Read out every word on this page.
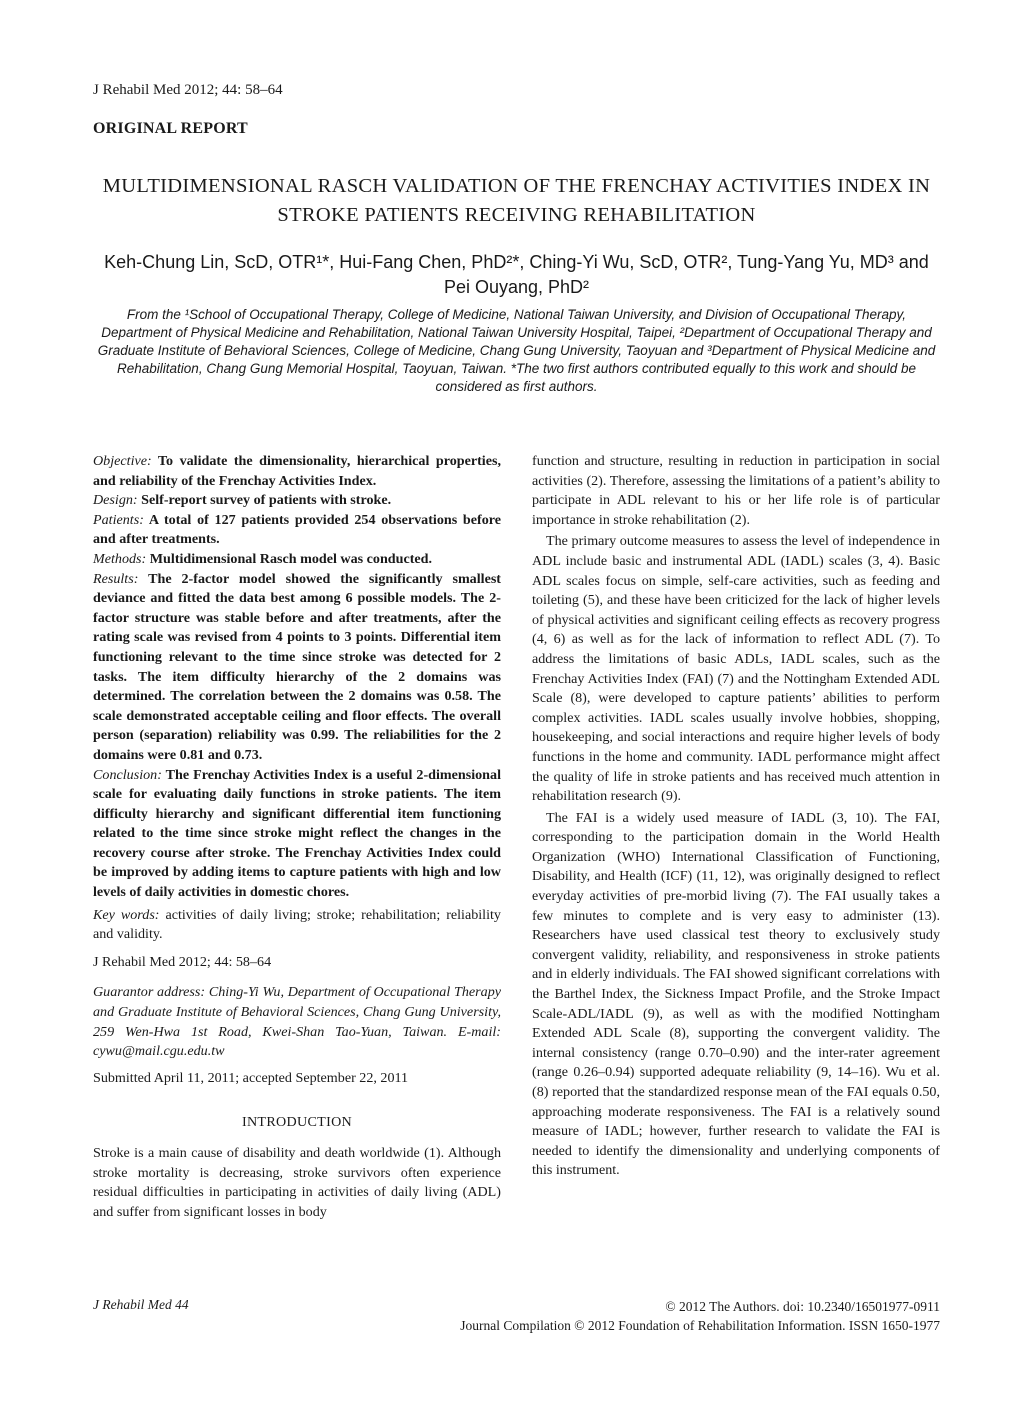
J Rehabil Med 2012; 44: 58–64
ORIGINAL REPORT
MULTIDIMENSIONAL RASCH VALIDATION OF THE FRENCHAY ACTIVITIES INDEX IN STROKE PATIENTS RECEIVING REHABILITATION
Keh-Chung Lin, ScD, OTR¹*, Hui-Fang Chen, PhD²*, Ching-Yi Wu, ScD, OTR², Tung-Yang Yu, MD³ and Pei Ouyang, PhD²
From the ¹School of Occupational Therapy, College of Medicine, National Taiwan University, and Division of Occupational Therapy, Department of Physical Medicine and Rehabilitation, National Taiwan University Hospital, Taipei, ²Department of Occupational Therapy and Graduate Institute of Behavioral Sciences, College of Medicine, Chang Gung University, Taoyuan and ³Department of Physical Medicine and Rehabilitation, Chang Gung Memorial Hospital, Taoyuan, Taiwan. *The two first authors contributed equally to this work and should be considered as first authors.

Objective: To validate the dimensionality, hierarchical properties, and reliability of the Frenchay Activities Index.

Design: Self-report survey of patients with stroke.

Patients: A total of 127 patients provided 254 observations before and after treatments.

Methods: Multidimensional Rasch model was conducted.

Results: The 2-factor model showed the significantly smallest deviance and fitted the data best among 6 possible models. The 2-factor structure was stable before and after treatments, after the rating scale was revised from 4 points to 3 points. Differential item functioning relevant to the time since stroke was detected for 2 tasks. The item difficulty hierarchy of the 2 domains was determined. The correlation between the 2 domains was 0.58. The scale demonstrated acceptable ceiling and floor effects. The overall person (separation) reliability was 0.99. The reliabilities for the 2 domains were 0.81 and 0.73.

Conclusion: The Frenchay Activities Index is a useful 2-dimensional scale for evaluating daily functions in stroke patients. The item difficulty hierarchy and significant differential item functioning related to the time since stroke might reflect the changes in the recovery course after stroke. The Frenchay Activities Index could be improved by adding items to capture patients with high and low levels of daily activities in domestic chores.

Key words: activities of daily living; stroke; rehabilitation; reliability and validity.

J Rehabil Med 2012; 44: 58–64

Guarantor address: Ching-Yi Wu, Department of Occupational Therapy and Graduate Institute of Behavioral Sciences, Chang Gung University, 259 Wen-Hwa 1st Road, Kwei-Shan Tao-Yuan, Taiwan. E-mail: cywu@mail.cgu.edu.tw

Submitted April 11, 2011; accepted September 22, 2011

INTRODUCTION

Stroke is a main cause of disability and death worldwide (1). Although stroke mortality is decreasing, stroke survivors often experience residual difficulties in participating in activities of daily living (ADL) and suffer from significant losses in body

function and structure, resulting in reduction in participation in social activities (2). Therefore, assessing the limitations of a patient’s ability to participate in ADL relevant to his or her life role is of particular importance in stroke rehabilitation (2).

The primary outcome measures to assess the level of independence in ADL include basic and instrumental ADL (IADL) scales (3, 4). Basic ADL scales focus on simple, self-care activities, such as feeding and toileting (5), and these have been criticized for the lack of higher levels of physical activities and significant ceiling effects as recovery progress (4, 6) as well as for the lack of information to reflect ADL (7). To address the limitations of basic ADLs, IADL scales, such as the Frenchay Activities Index (FAI) (7) and the Nottingham Extended ADL Scale (8), were developed to capture patients’ abilities to perform complex activities. IADL scales usually involve hobbies, shopping, housekeeping, and social interactions and require higher levels of body functions in the home and community. IADL performance might affect the quality of life in stroke patients and has received much attention in rehabilitation research (9).

The FAI is a widely used measure of IADL (3, 10). The FAI, corresponding to the participation domain in the World Health Organization (WHO) International Classification of Functioning, Disability, and Health (ICF) (11, 12), was originally designed to reflect everyday activities of pre-morbid living (7). The FAI usually takes a few minutes to complete and is very easy to administer (13). Researchers have used classical test theory to exclusively study convergent validity, reliability, and responsiveness in stroke patients and in elderly individuals. The FAI showed significant correlations with the Barthel Index, the Sickness Impact Profile, and the Stroke Impact Scale-ADL/IADL (9), as well as with the modified Nottingham Extended ADL Scale (8), supporting the convergent validity. The internal consistency (range 0.70–0.90) and the inter-rater agreement (range 0.26–0.94) supported adequate reliability (9, 14–16). Wu et al. (8) reported that the standardized response mean of the FAI equals 0.50, approaching moderate responsiveness. The FAI is a relatively sound measure of IADL; however, further research to validate the FAI is needed to identify the dimensionality and underlying components of this instrument.

J Rehabil Med 44	© 2012 The Authors. doi: 10.2340/16501977-0911
Journal Compilation © 2012 Foundation of Rehabilitation Information. ISSN 1650-1977
